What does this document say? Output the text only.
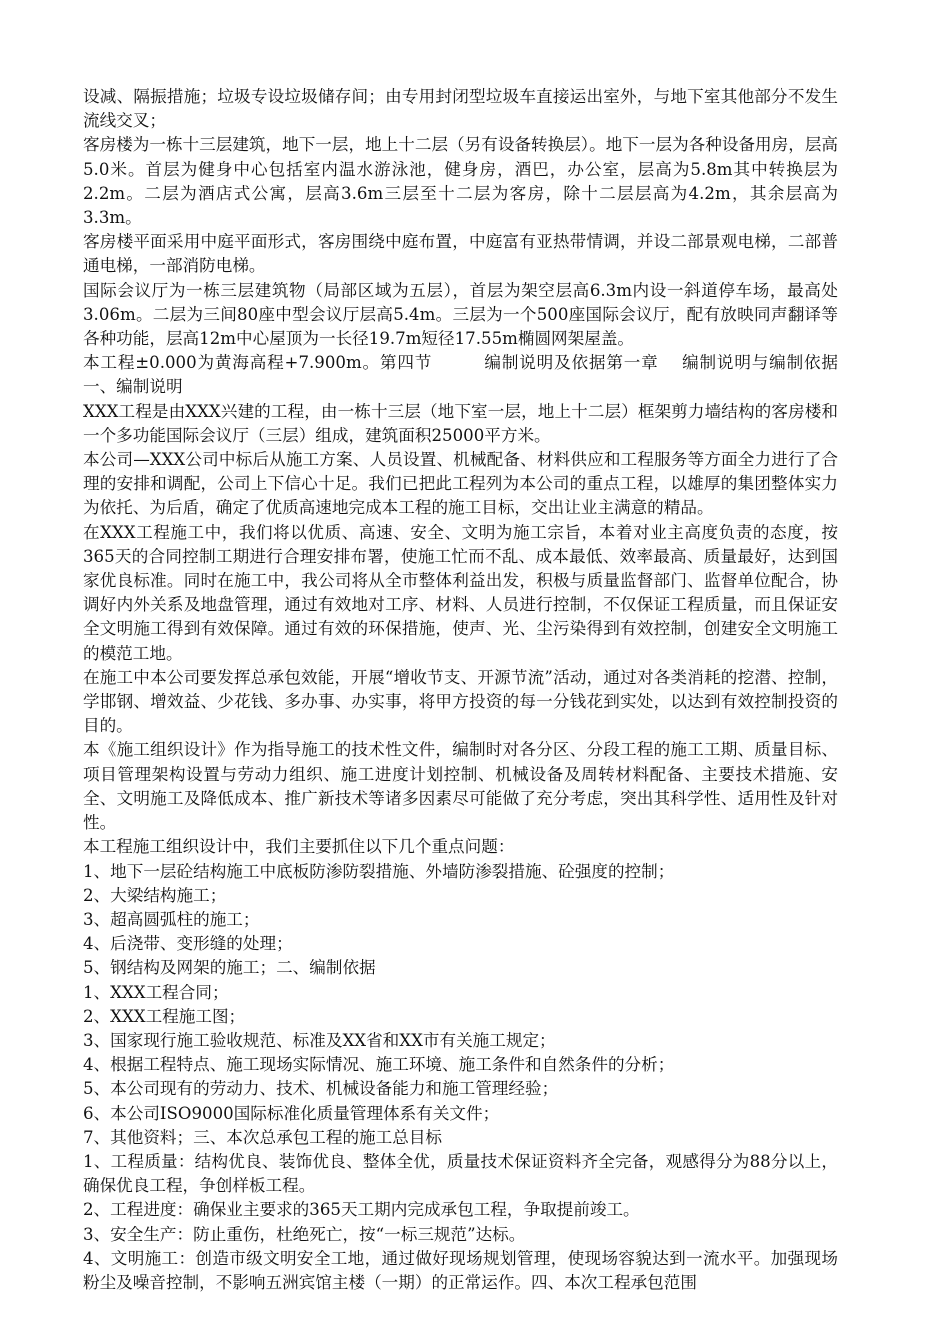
设减、隔振措施；垃圾专设垃圾储存间；由专用封闭型垃圾车直接运出室外，与地下室其他部分不发生流线交叉；

客房楼为一栋十三层建筑，地下一层，地上十二层（另有设备转换层）。地下一层为各种设备用房，层高5.0米。首层为健身中心包括室内温水游泳池，健身房，酒巴，办公室，层高为5.8m其中转换层为2.2m。二层为酒店式公寓，层高3.6m三层至十二层为客房，除十二层层高为4.2m，其余层高为3.3m。

客房楼平面采用中庭平面形式，客房围绕中庭布置，中庭富有亚热带情调，并设二部景观电梯，二部普通电梯，一部消防电梯。

国际会议厅为一栋三层建筑物（局部区域为五层），首层为架空层高6.3m内设一斜道停车场，最高处3.06m。二层为三间80座中型会议厅层高5.4m。三层为一个500座国际会议厅，配有放映同声翻译等各种功能，层高12m中心屋顶为一长径19.7m短径17.55m椭圆网架屋盖。

本工程±0.000为黄海高程+7.900m。第四节　　　编制说明及依据第一章　 编制说明与编制依据一、编制说明

XXX工程是由XXX兴建的工程，由一栋十三层（地下室一层，地上十二层）框架剪力墙结构的客房楼和一个多功能国际会议厅（三层）组成，建筑面积25000平方米。

本公司—XXX公司中标后从施工方案、人员设置、机械配备、材料供应和工程服务等方面全力进行了合理的安排和调配，公司上下信心十足。我们已把此工程列为本公司的重点工程，以雄厚的集团整体实力为依托、为后盾，确定了优质高速地完成本工程的施工目标，交出让业主满意的精品。

在XXX工程施工中，我们将以优质、高速、安全、文明为施工宗旨，本着对业主高度负责的态度，按365天的合同控制工期进行合理安排布署，使施工忙而不乱、成本最低、效率最高、质量最好，达到国家优良标准。同时在施工中，我公司将从全市整体利益出发，积极与质量监督部门、监督单位配合，协调好内外关系及地盘管理，通过有效地对工序、材料、人员进行控制，不仅保证工程质量，而且保证安全文明施工得到有效保障。通过有效的环保措施，使声、光、尘污染得到有效控制，创建安全文明施工的模范工地。

在施工中本公司要发挥总承包效能，开展“增收节支、开源节流”活动，通过对各类消耗的挖潜、控制，学邯钢、增效益、少花钱、多办事、办实事，将甲方投资的每一分钱花到实处，以达到有效控制投资的目的。

本《施工组织设计》作为指导施工的技术性文件，编制时对各分区、分段工程的施工工期、质量目标、项目管理架构设置与劳动力组织、施工进度计划控制、机械设备及周转材料配备、主要技术措施、安全、文明施工及降低成本、推广新技术等诸多因素尽可能做了充分考虑，突出其科学性、适用性及针对性。

本工程施工组织设计中，我们主要抓住以下几个重点问题：

1、地下一层砼结构施工中底板防渗防裂措施、外墙防渗裂措施、砼强度的控制；

2、大梁结构施工；

3、超高圆弧柱的施工；

4、后浇带、变形缝的处理；

5、钢结构及网架的施工；二、编制依据

1、XXX工程合同；

2、XXX工程施工图；

3、国家现行施工验收规范、标准及XX省和XX市有关施工规定；

4、根据工程特点、施工现场实际情况、施工环境、施工条件和自然条件的分析；

5、本公司现有的劳动力、技术、机械设备能力和施工管理经验；

6、本公司ISO9000国际标准化质量管理体系有关文件；

7、其他资料；三、本次总承包工程的施工总目标

1、工程质量：结构优良、装饰优良、整体全优，质量技术保证资料齐全完备，观感得分为88分以上，确保优良工程，争创样板工程。

2、工程进度：确保业主要求的365天工期内完成承包工程，争取提前竣工。

3、安全生产：防止重伤，杜绝死亡，按“一标三规范”达标。

4、文明施工：创造市级文明安全工地，通过做好现场规划管理，使现场容貌达到一流水平。加强现场粉尘及噪音控制，不影响五洲宾馆主楼（一期）的正常运作。四、本次工程承包范围
